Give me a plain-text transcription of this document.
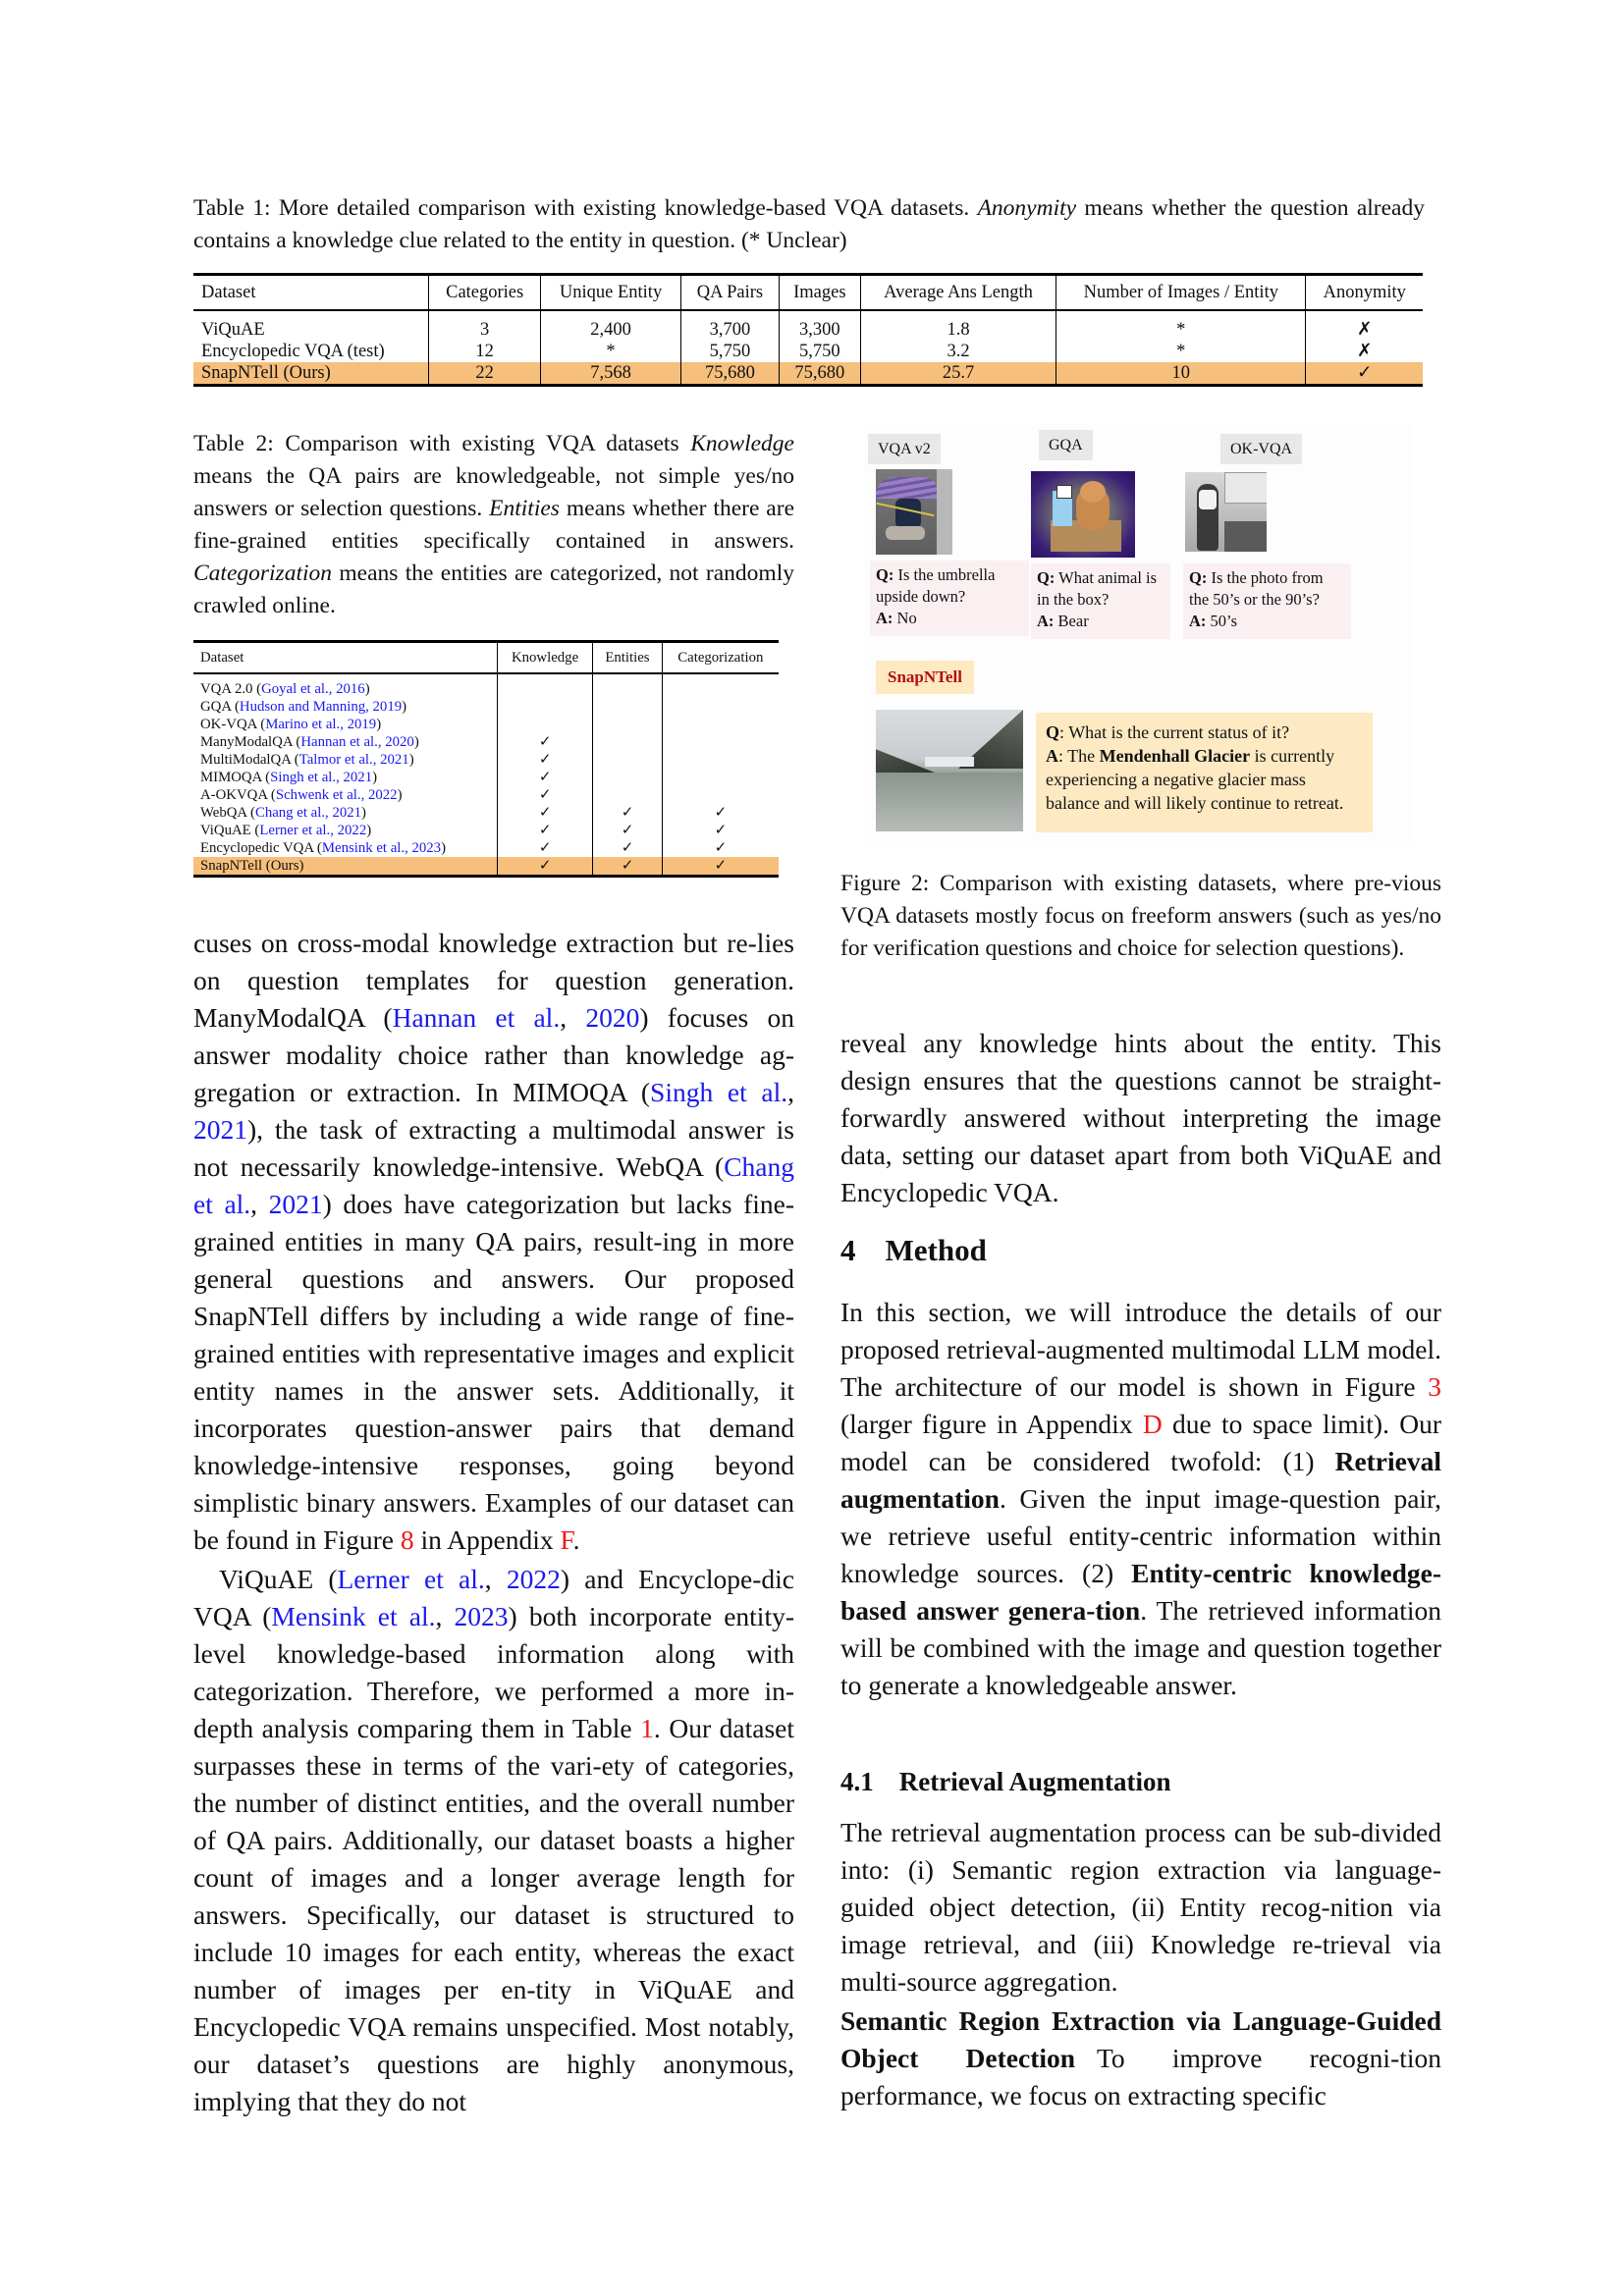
Table 1: More detailed comparison with existing knowledge-based VQA datasets. Anonymity means whether the question already contains a knowledge clue related to the entity in question. (* Unclear)
Dataset	Categories	Unique Entity	QA Pairs	Images	Average Ans Length	Number of Images / Entity	Anonymity
ViQuAE	3	2,400	3,700	3,300	1.8	*	✗
Encyclopedic VQA (test)	12	*	5,750	5,750	3.2	*	✗
SnapNTell (Ours)	22	7,568	75,680	75,680	25.7	10	✓
Table 2: Comparison with existing VQA datasets Knowledge means the QA pairs are knowledgeable, not simple yes/no answers or selection questions. Entities means whether there are fine-grained entities specifically contained in answers. Categorization means the entities are categorized, not randomly crawled online.
Dataset	Knowledge	Entities	Categorization
VQA 2.0 (Goyal et al., 2016)			
GQA (Hudson and Manning, 2019)			
OK-VQA (Marino et al., 2019)			
ManyModalQA (Hannan et al., 2020)	✓		
MultiModalQA (Talmor et al., 2021)	✓		
MIMOQA (Singh et al., 2021)	✓		
A-OKVQA (Schwenk et al., 2022)	✓		
WebQA (Chang et al., 2021)	✓	✓	✓
ViQuAE (Lerner et al., 2022)	✓	✓	✓
Encyclopedic VQA (Mensink et al., 2023)	✓	✓	✓
SnapNTell (Ours)	✓	✓	✓
VQA v2	GQA	OK-VQA
Q: Is the umbrella upside down?
A: No
Q: What animal is in the box?
A: Bear
Q: Is the photo from the 50’s or the 90’s?
A: 50’s
SnapNTell
Q: What is the current status of it?
A: The Mendenhall Glacier is currently experiencing a negative glacier mass balance and will likely continue to retreat.
Figure 2: Comparison with existing datasets, where pre-vious VQA datasets mostly focus on freeform answers (such as yes/no for verification questions and choice for selection questions).
cuses on cross-modal knowledge extraction but re-lies on question templates for question generation. ManyModalQA (Hannan et al., 2020) focuses on answer modality choice rather than knowledge ag-gregation or extraction. In MIMOQA (Singh et al., 2021), the task of extracting a multimodal answer is not necessarily knowledge-intensive. WebQA (Chang et al., 2021) does have categorization but lacks fine-grained entities in many QA pairs, result-ing in more general questions and answers. Our proposed SnapNTell differs by including a wide range of fine-grained entities with representative images and explicit entity names in the answer sets. Additionally, it incorporates question-answer pairs that demand knowledge-intensive responses, going beyond simplistic binary answers. Examples of our dataset can be found in Figure 8 in Appendix F.
ViQuAE (Lerner et al., 2022) and Encyclope-dic VQA (Mensink et al., 2023) both incorporate entity-level knowledge-based information along with categorization. Therefore, we performed a more in-depth analysis comparing them in Table 1. Our dataset surpasses these in terms of the vari-ety of categories, the number of distinct entities, and the overall number of QA pairs. Additionally, our dataset boasts a higher count of images and a longer average length for answers. Specifically, our dataset is structured to include 10 images for each entity, whereas the exact number of images per en-tity in ViQuAE and Encyclopedic VQA remains unspecified. Most notably, our dataset’s questions are highly anonymous, implying that they do not
reveal any knowledge hints about the entity. This design ensures that the questions cannot be straight-forwardly answered without interpreting the image data, setting our dataset apart from both ViQuAE and Encyclopedic VQA.
4 Method
In this section, we will introduce the details of our proposed retrieval-augmented multimodal LLM model. The architecture of our model is shown in Figure 3 (larger figure in Appendix D due to space limit). Our model can be considered twofold: (1) Retrieval augmentation. Given the input image-question pair, we retrieve useful entity-centric information within knowledge sources. (2) Entity-centric knowledge-based answer genera-tion. The retrieved information will be combined with the image and question together to generate a knowledgeable answer.
4.1 Retrieval Augmentation
The retrieval augmentation process can be sub-divided into: (i) Semantic region extraction via language-guided object detection, (ii) Entity recog-nition via image retrieval, and (iii) Knowledge re-trieval via multi-source aggregation.
Semantic Region Extraction via Language-Guided Object Detection To improve recogni-tion performance, we focus on extracting specific
